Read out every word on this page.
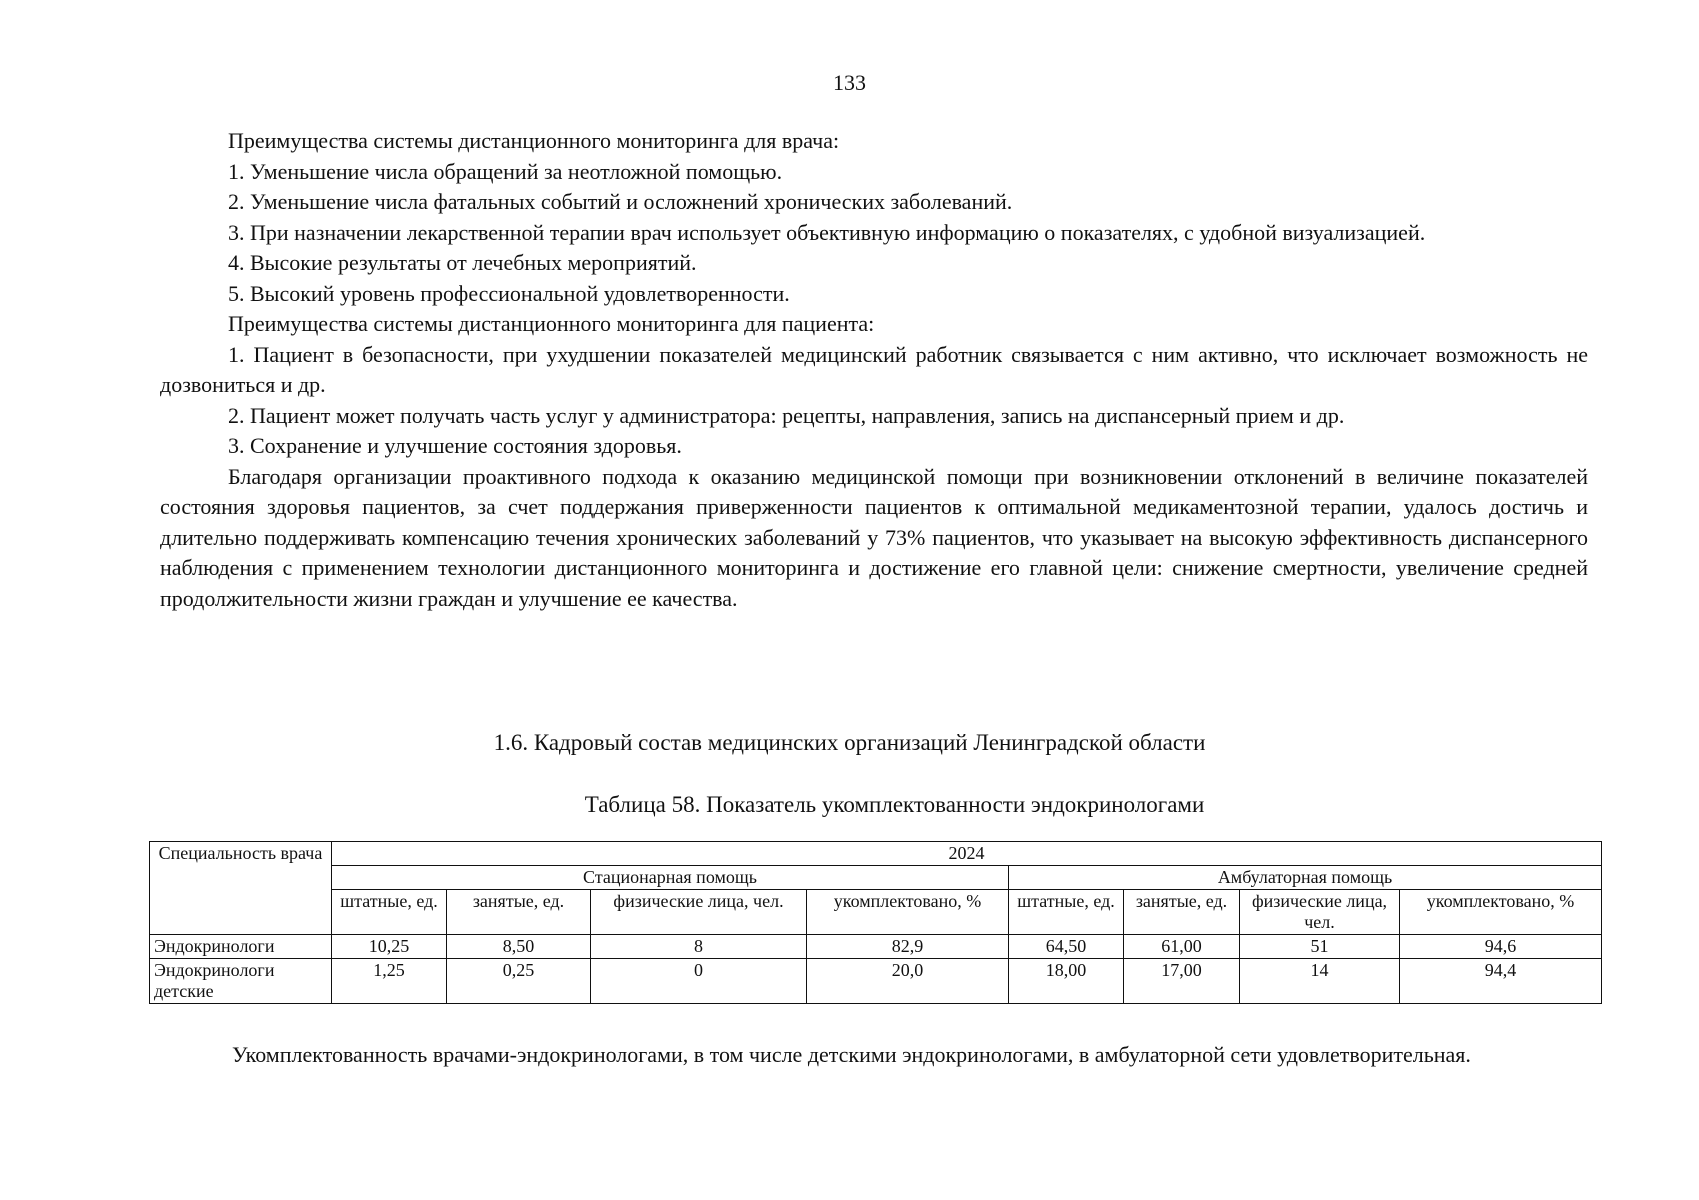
133

Преимущества системы дистанционного мониторинга для врача:

1. Уменьшение числа обращений за неотложной помощью.

2. Уменьшение числа фатальных событий и осложнений хронических заболеваний.

3. При назначении лекарственной терапии врач использует объективную информацию о показателях, с удобной визуализацией.

4. Высокие результаты от лечебных мероприятий.

5. Высокий уровень профессиональной удовлетворенности.

Преимущества системы дистанционного мониторинга для пациента:

1. Пациент в безопасности, при ухудшении показателей медицинский работник связывается с ним активно, что исключает возможность не дозвониться и др.

2. Пациент может получать часть услуг у администратора: рецепты, направления, запись на диспансерный прием и др.

3. Сохранение и улучшение состояния здоровья.

Благодаря организации проактивного подхода к оказанию медицинской помощи при возникновении отклонений в величине показателей состояния здоровья пациентов, за счет поддержания приверженности пациентов к оптимальной медикаментозной терапии, удалось достичь и длительно поддерживать компенсацию течения хронических заболеваний у 73% пациентов, что указывает на высокую эффективность диспансерного наблюдения с применением технологии дистанционного мониторинга и достижение его главной цели: снижение смертности, увеличение средней продолжительности жизни граждан и улучшение ее качества.

1.6. Кадровый состав медицинских организаций Ленинградской области
Таблица 58. Показатель укомплектованности эндокринологами
Специальность врача	2024							
	Стационарная помощь				Амбулаторная помощь			
	штатные, ед.	занятые, ед.	физические лица, чел.	укомплектовано, %	штатные, ед.	занятые, ед.	физические лица, чел.	укомплектовано, %
Эндокринологи	10,25	8,50	8	82,9	64,50	61,00	51	94,6
Эндокринологи детские	1,25	0,25	0	20,0	18,00	17,00	14	94,4

Укомплектованность врачами-эндокринологами, в том числе детскими эндокринологами, в амбулаторной сети удовлетворительная.
